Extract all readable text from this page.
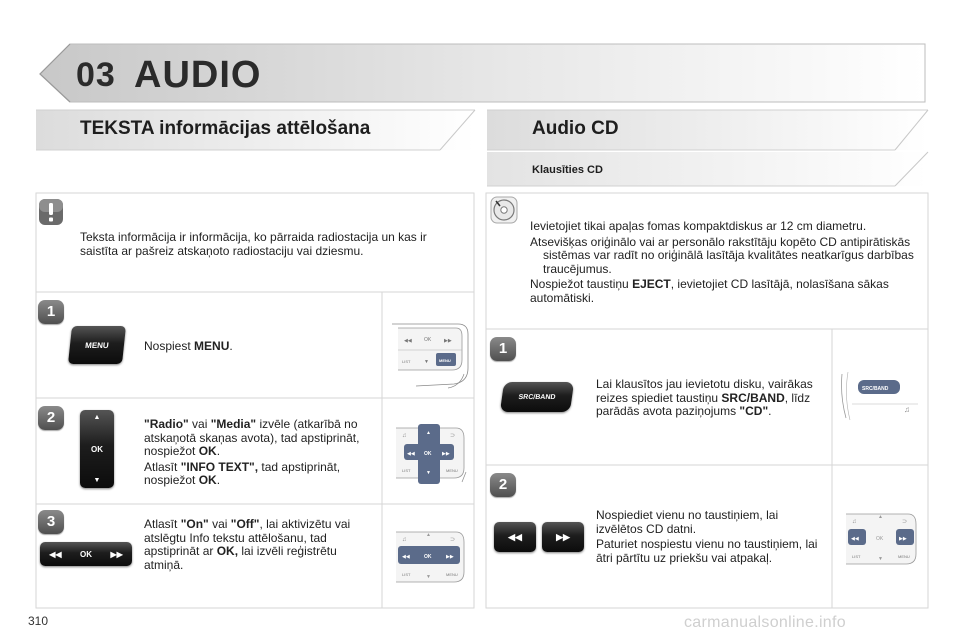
03 AUDIO
TEKSTA informācijas attēlošana	Audio CD
Klausīties CD
Teksta informācija ir informācija, ko pārraida radiostacija un kas ir saistīta ar pašreiz atskaņoto radiostaciju vai dziesmu.
1
MENU	Nospiest MENU.	◀◀ OK	▶▶
LIST	▼	MENU
2	▲
OK
▼

"Radio" vai "Media" izvēle (atkarībā no atskaņotā skaņas avota), tad apstiprināt, nospiežot OK.

Atlasīt "INFO TEXT", tad apstiprināt, nospiežot OK.

♫	⊃
▲
OK
◀◀	▶▶
▼
LIST	MENU
3
◀◀ OK ▶▶
Atlasīt "On" vai "Off", lai aktivizētu vai atslēgtu Info tekstu attēlošanu, tad apstiprināt ar OK, lai izvēli reģistrētu atmiņā.
♫	⊃
▲
◀◀	OK	▶▶
▼
LIST	MENU

Ievietojiet tikai apaļas fomas kompaktdiskus ar 12 cm diametru.

Atsevišķas oriģinālo vai ar personālo rakstītāju kopēto CD antipirātiskās sistēmas var radīt no oriģinālā lasītāja kvalitātes neatkarīgus darbības traucējumus.

Nospiežot taustiņu EJECT, ievietojiet CD lasītājā, nolasīšana sākas automātiski.

1
SRC/BAND
Lai klausītos jau ievietotu disku, vairākas reizes spiediet taustiņu SRC/BAND, līdz parādās avota paziņojums "CD".
SRC/BAND
♫
2
◀◀	▶▶

Nospiediet vienu no taustiņiem, lai izvēlētos CD datni.

Paturiet nospiestu vienu no taustiņiem, lai ātri pārtītu uz priekšu vai atpakaļ.

♫	⊃
▲
◀◀	OK	▶▶
▼
LIST	MENU
310	carmanualsonline.info
